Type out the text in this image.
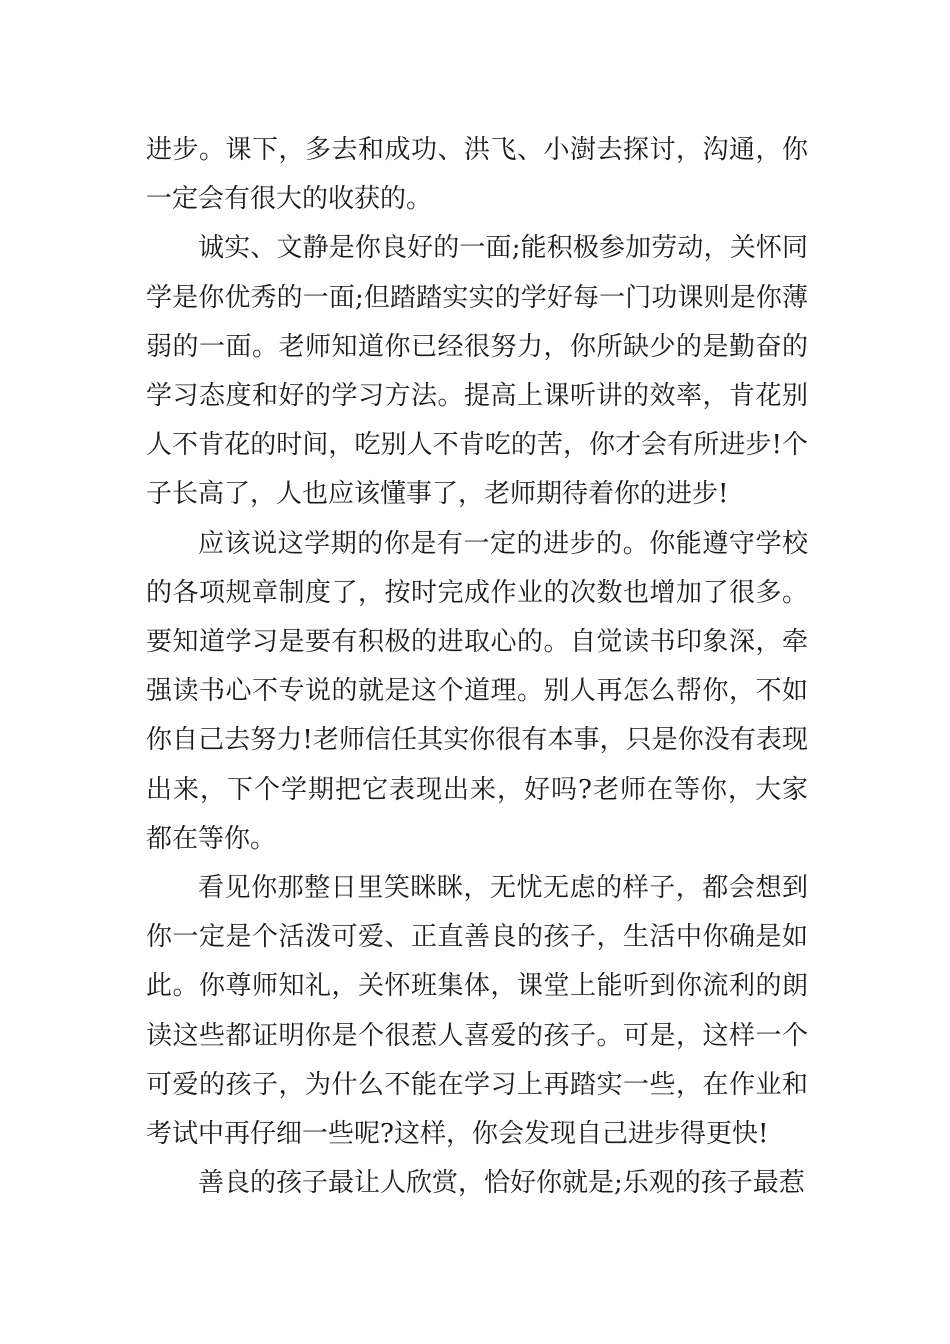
进步。课下，多去和成功、洪飞、小澍去探讨，沟通，你一定会有很大的收获的。

诚实、文静是你良好的一面;能积极参加劳动，关怀同学是你优秀的一面;但踏踏实实的学好每一门功课则是你薄弱的一面。老师知道你已经很努力，你所缺少的是勤奋的学习态度和好的学习方法。提高上课听讲的效率，肯花别人不肯花的时间，吃别人不肯吃的苦，你才会有所进步!个子长高了，人也应该懂事了，老师期待着你的进步!

应该说这学期的你是有一定的进步的。你能遵守学校的各项规章制度了，按时完成作业的次数也增加了很多。要知道学习是要有积极的进取心的。自觉读书印象深，牵强读书心不专说的就是这个道理。别人再怎么帮你，不如你自己去努力!老师信任其实你很有本事，只是你没有表现出来，下个学期把它表现出来，好吗?老师在等你，大家都在等你。

看见你那整日里笑眯眯，无忧无虑的样子，都会想到你一定是个活泼可爱、正直善良的孩子，生活中你确是如此。你尊师知礼，关怀班集体，课堂上能听到你流利的朗读这些都证明你是个很惹人喜爱的孩子。可是，这样一个可爱的孩子，为什么不能在学习上再踏实一些，在作业和考试中再仔细一些呢?这样，你会发现自己进步得更快!

善良的孩子最让人欣赏，恰好你就是;乐观的孩子最惹
